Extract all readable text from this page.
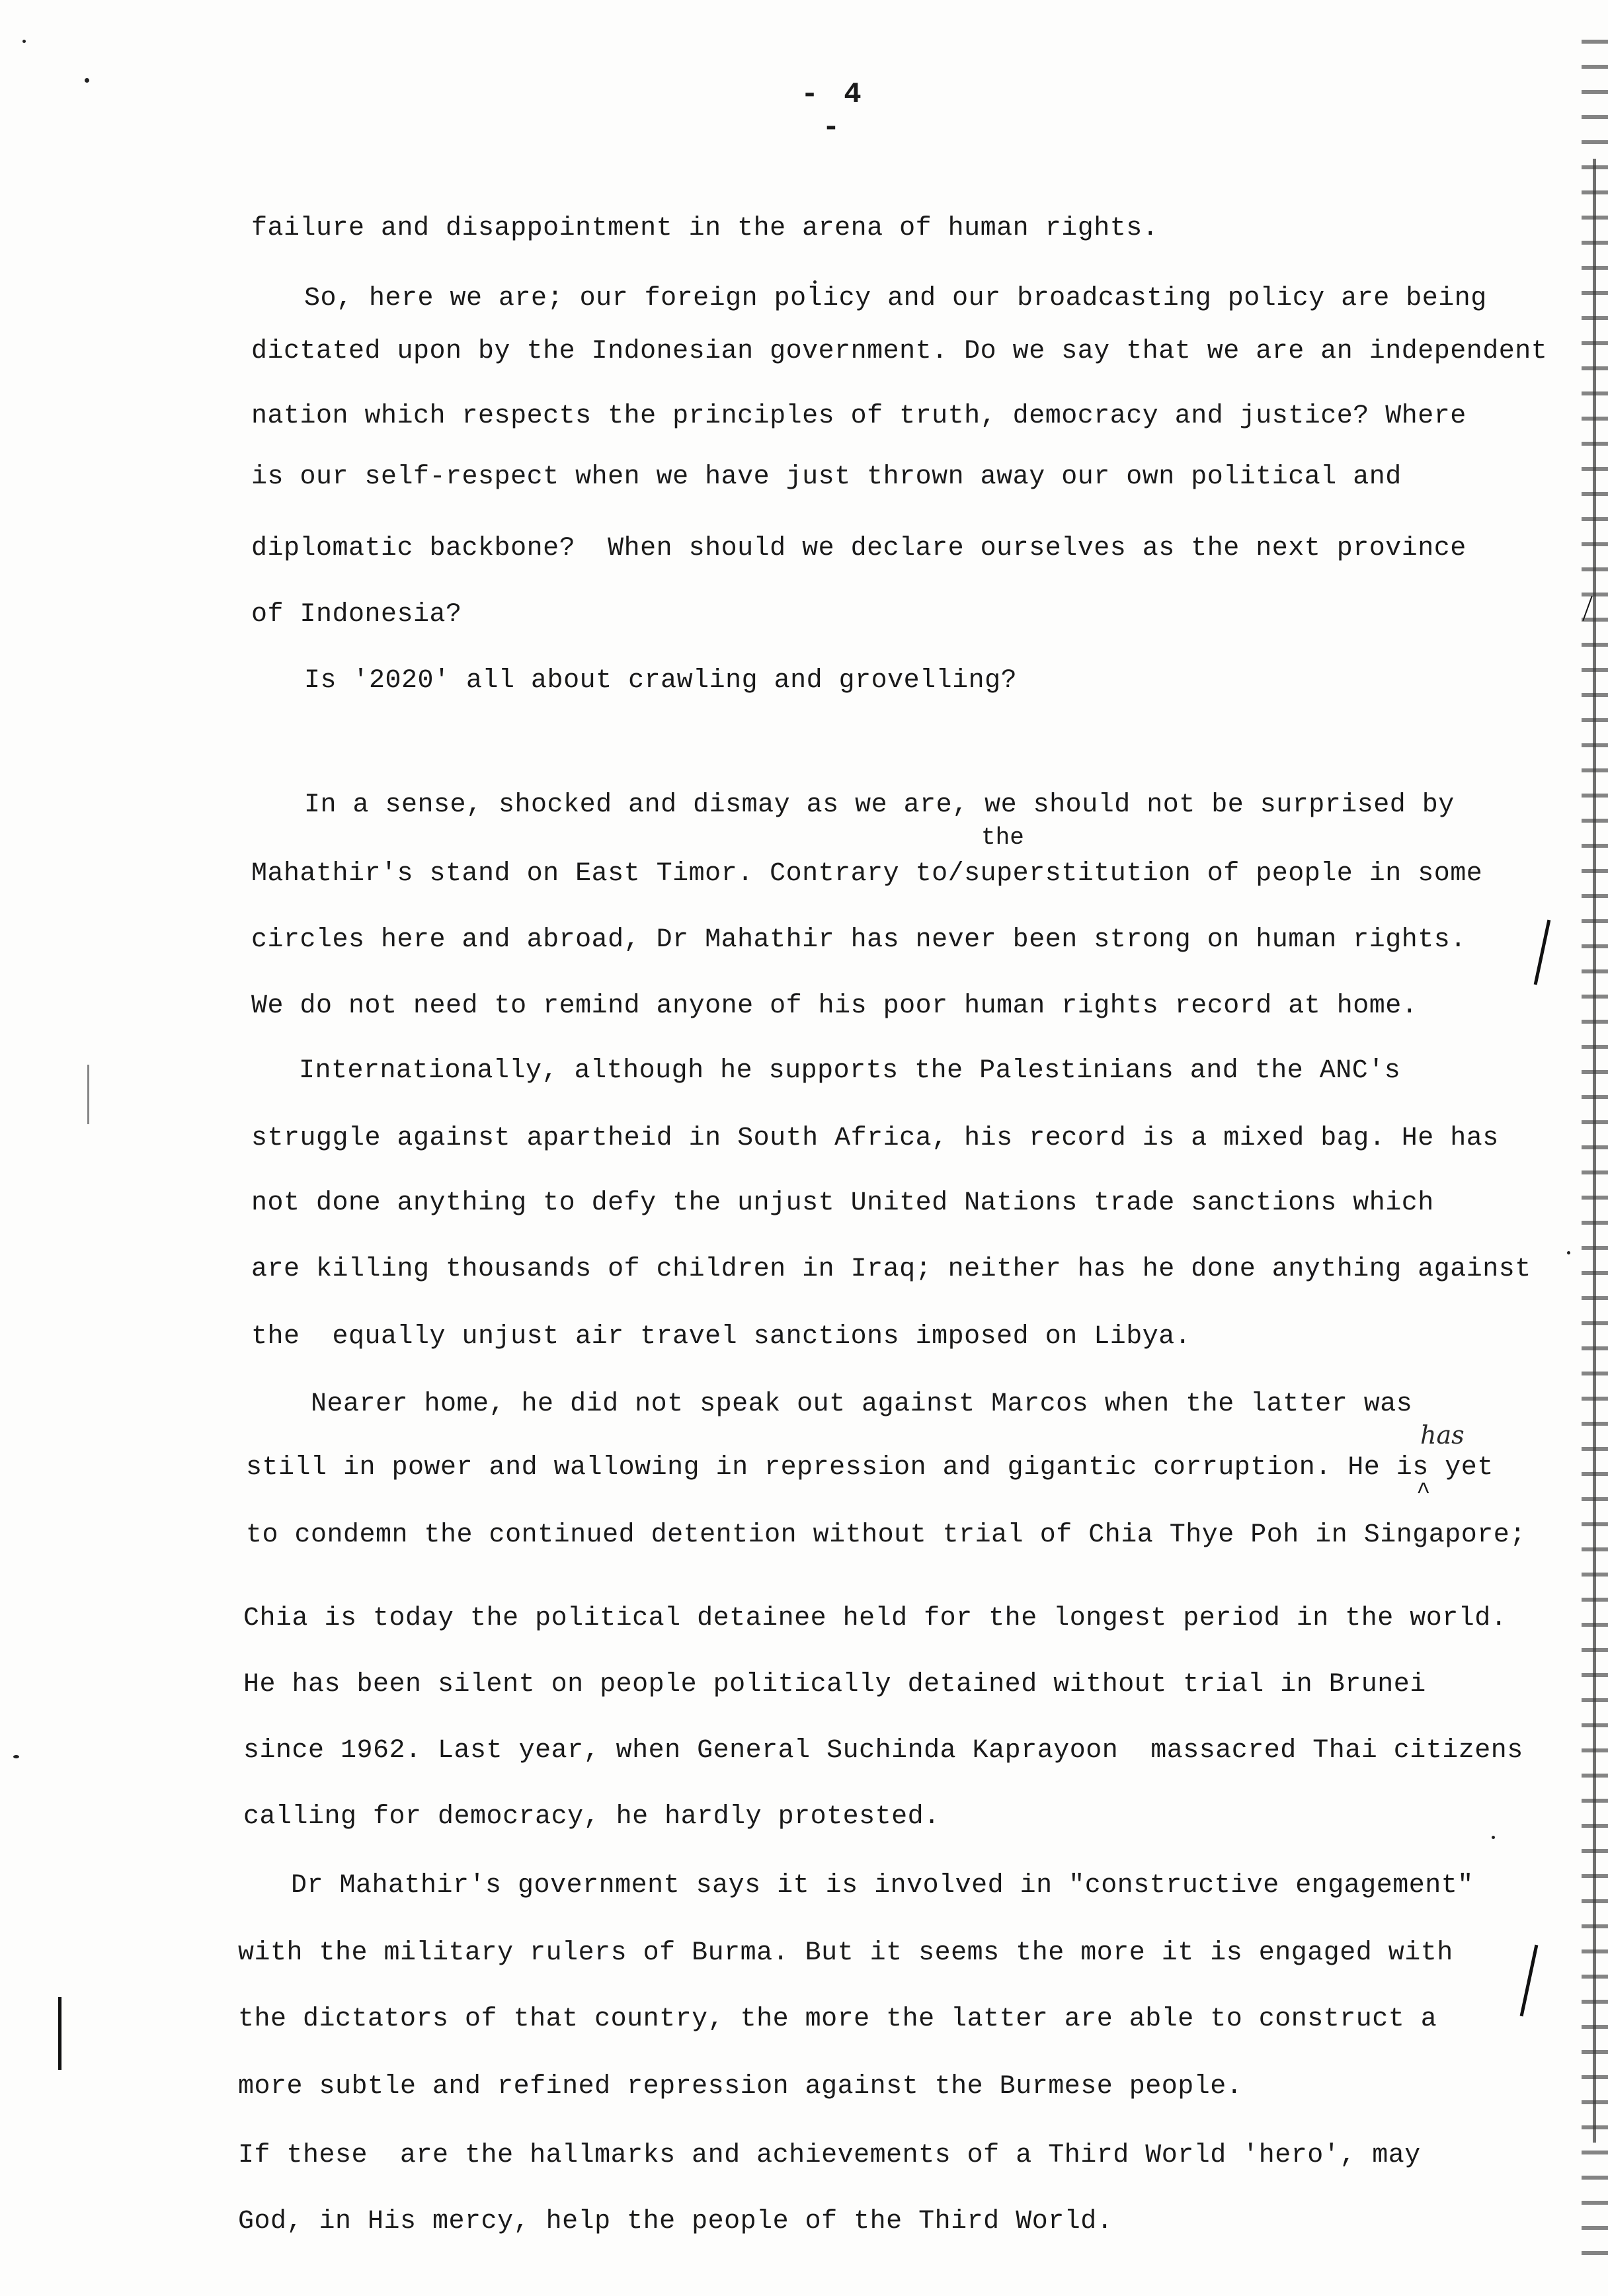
- 4 -
failure and disappointment in the arena of human rights.
So, here we are; our foreign policy and our broadcasting policy are being
dictated upon by the Indonesian government. Do we say that we are an independent
nation which respects the principles of truth, democracy and justice? Where
is our self-respect when we have just thrown away our own political and
diplomatic backbone?  When should we declare ourselves as the next province
of Indonesia?
Is '2020' all about crawling and grovelling?
In a sense, shocked and dismay as we are, we should not be surprised by
the
Mahathir's stand on East Timor. Contrary to/superstitution of people in some
circles here and abroad, Dr Mahathir has never been strong on human rights.
We do not need to remind anyone of his poor human rights record at home.
Internationally, although he supports the Palestinians and the ANC's
struggle against apartheid in South Africa, his record is a mixed bag. He has
not done anything to defy the unjust United Nations trade sanctions which
are killing thousands of children in Iraq; neither has he done anything against
the  equally unjust air travel sanctions imposed on Libya.
Nearer home, he did not speak out against Marcos when the latter was
has
still in power and wallowing in repression and gigantic corruption. He is yet
^
to condemn the continued detention without trial of Chia Thye Poh in Singapore;
Chia is today the political detainee held for the longest period in the world.
He has been silent on people politically detained without trial in Brunei
since 1962. Last year, when General Suchinda Kaprayoon  massacred Thai citizens
calling for democracy, he hardly protested.
Dr Mahathir's government says it is involved in "constructive engagement"
with the military rulers of Burma. But it seems the more it is engaged with
the dictators of that country, the more the latter are able to construct a
more subtle and refined repression against the Burmese people.
If these  are the hallmarks and achievements of a Third World 'hero', may
God, in His mercy, help the people of the Third World.
